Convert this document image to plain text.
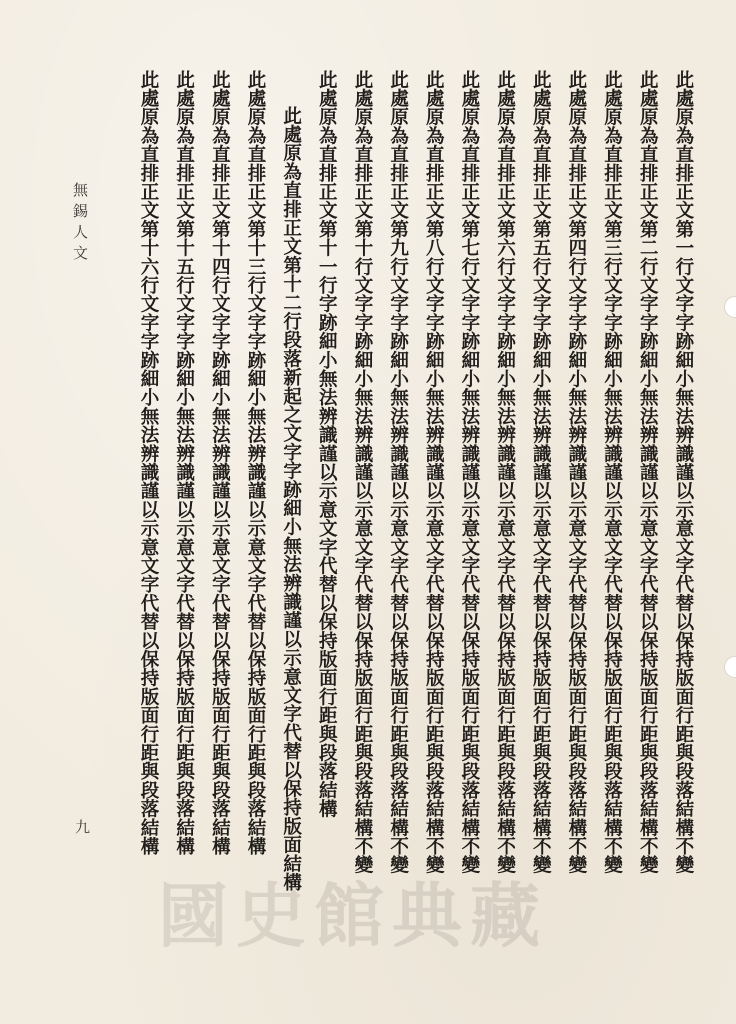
無錫人文
九	此處原為直排正文第一行文字字跡細小無法辨識謹以示意文字代替以保持版面行距與段落結構不變
此處原為直排正文第二行文字字跡細小無法辨識謹以示意文字代替以保持版面行距與段落結構不變
此處原為直排正文第三行文字字跡細小無法辨識謹以示意文字代替以保持版面行距與段落結構不變
此處原為直排正文第四行文字字跡細小無法辨識謹以示意文字代替以保持版面行距與段落結構不變
此處原為直排正文第五行文字字跡細小無法辨識謹以示意文字代替以保持版面行距與段落結構不變
此處原為直排正文第六行文字字跡細小無法辨識謹以示意文字代替以保持版面行距與段落結構不變
此處原為直排正文第七行文字字跡細小無法辨識謹以示意文字代替以保持版面行距與段落結構不變
此處原為直排正文第八行文字字跡細小無法辨識謹以示意文字代替以保持版面行距與段落結構不變
此處原為直排正文第九行文字字跡細小無法辨識謹以示意文字代替以保持版面行距與段落結構不變
此處原為直排正文第十行文字字跡細小無法辨識謹以示意文字代替以保持版面行距與段落結構不變
此處原為直排正文第十一行字跡細小無法辨識謹以示意文字代替以保持版面行距與段落結構
此處原為直排正文第十二行段落新起之文字字跡細小無法辨識謹以示意文字代替以保持版面結構
此處原為直排正文第十三行文字字跡細小無法辨識謹以示意文字代替以保持版面行距與段落結構
此處原為直排正文第十四行文字字跡細小無法辨識謹以示意文字代替以保持版面行距與段落結構
此處原為直排正文第十五行文字字跡細小無法辨識謹以示意文字代替以保持版面行距與段落結構
此處原為直排正文第十六行文字字跡細小無法辨識謹以示意文字代替以保持版面行距與段落結構
國史館典藏
